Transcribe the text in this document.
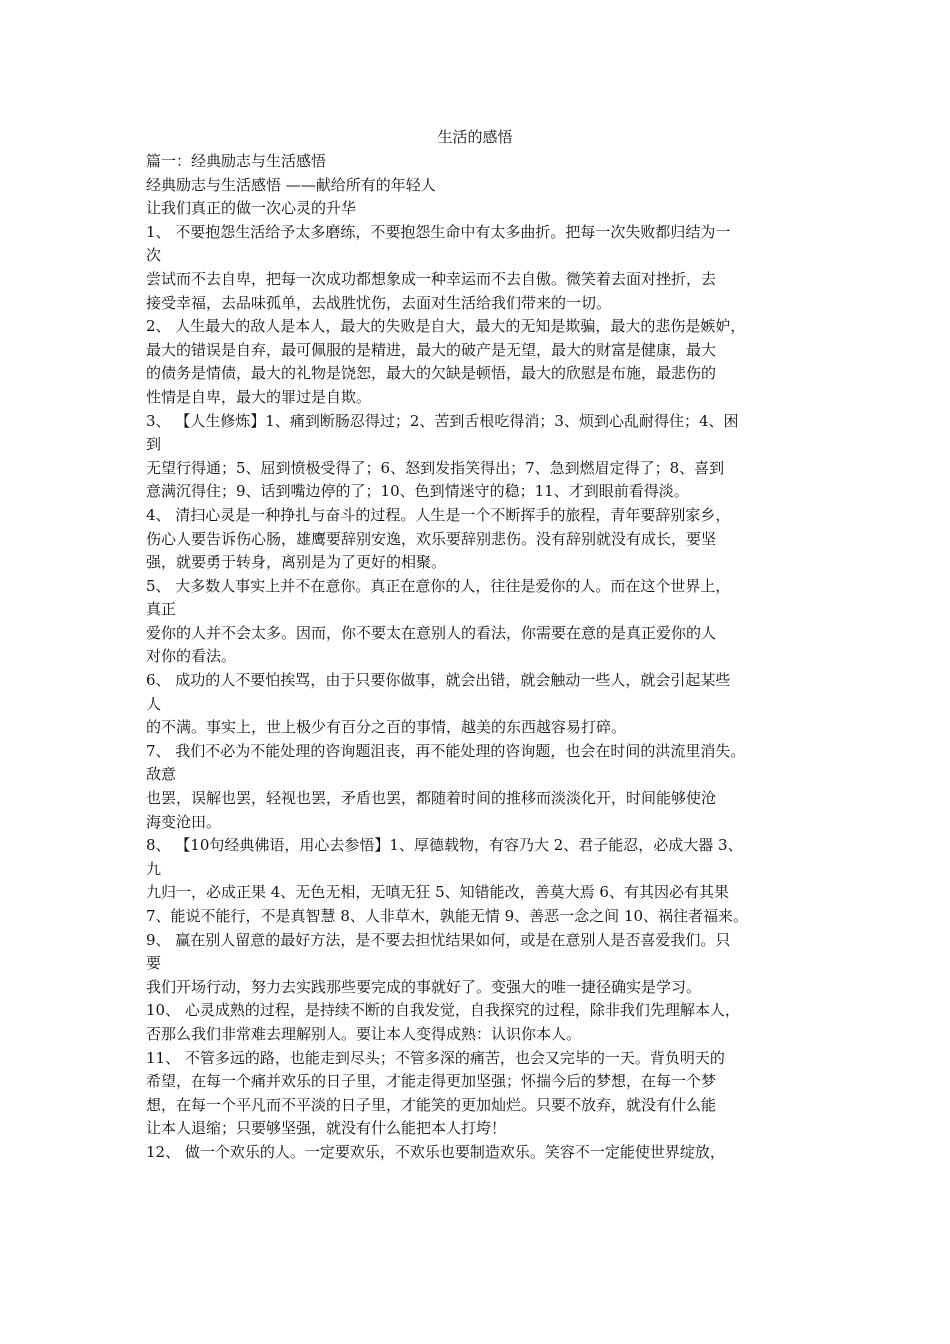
生活的感悟
篇一：经典励志与生活感悟
经典励志与生活感悟 ——献给所有的年轻人
让我们真正的做一次心灵的升华
1、 不要抱怨生活给予太多磨练，不要抱怨生命中有太多曲折。把每一次失败都归结为一
次
尝试而不去自卑，把每一次成功都想象成一种幸运而不去自傲。微笑着去面对挫折，去
接受幸福，去品味孤单，去战胜忧伤，去面对生活给我们带来的一切。
2、 人生最大的敌人是本人，最大的失败是自大，最大的无知是欺骗，最大的悲伤是嫉妒，
最大的错误是自弃，最可佩服的是精进，最大的破产是无望，最大的财富是健康，最大
的债务是情债，最大的礼物是饶恕，最大的欠缺是顿悟，最大的欣慰是布施，最悲伤的
性情是自卑，最大的罪过是自欺。
3、 【人生修炼】1、痛到断肠忍得过；2、苦到舌根吃得消；3、烦到心乱耐得住；4、困
到
无望行得通；5、屈到愤极受得了；6、怒到发指笑得出；7、急到燃眉定得了；8、喜到
意满沉得住；9、话到嘴边停的了；10、色到情迷守的稳；11、才到眼前看得淡。
4、 清扫心灵是一种挣扎与奋斗的过程。人生是一个不断挥手的旅程，青年要辞别家乡，
伤心人要告诉伤心肠，雄鹰要辞别安逸，欢乐要辞别悲伤。没有辞别就没有成长，要坚
强，就要勇于转身，离别是为了更好的相聚。
5、 大多数人事实上并不在意你。真正在意你的人，往往是爱你的人。而在这个世界上，
真正
爱你的人并不会太多。因而，你不要太在意别人的看法，你需要在意的是真正爱你的人
对你的看法。
6、 成功的人不要怕挨骂，由于只要你做事，就会出错，就会触动一些人，就会引起某些
人
的不满。事实上，世上极少有百分之百的事情，越美的东西越容易打碎。
7、 我们不必为不能处理的咨询题沮丧，再不能处理的咨询题，也会在时间的洪流里消失。
敌意
也罢，误解也罢，轻视也罢，矛盾也罢，都随着时间的推移而淡淡化开，时间能够使沧
海变沧田。
8、 【10句经典佛语，用心去参悟】1、厚德载物，有容乃大 2、君子能忍，必成大器 3、
九
九归一，必成正果 4、无色无相，无嗔无狂 5、知错能改，善莫大焉 6、有其因必有其果
7、能说不能行，不是真智慧 8、人非草木，孰能无情 9、善恶一念之间 10、祸往者福来。
9、 赢在别人留意的最好方法，是不要去担忧结果如何，或是在意别人是否喜爱我们。只
要
我们开场行动，努力去实践那些要完成的事就好了。变强大的唯一捷径确实是学习。
10、 心灵成熟的过程，是持续不断的自我发觉，自我探究的过程，除非我们先理解本人，
否那么我们非常难去理解别人。要让本人变得成熟：认识你本人。
11、 不管多远的路，也能走到尽头；不管多深的痛苦，也会又完毕的一天。背负明天的
希望，在每一个痛并欢乐的日子里，才能走得更加坚强；怀揣今后的梦想，在每一个梦
想，在每一个平凡而不平淡的日子里，才能笑的更加灿烂。只要不放弃，就没有什么能
让本人退缩；只要够坚强，就没有什么能把本人打垮！
12、 做一个欢乐的人。一定要欢乐，不欢乐也要制造欢乐。笑容不一定能使世界绽放，
